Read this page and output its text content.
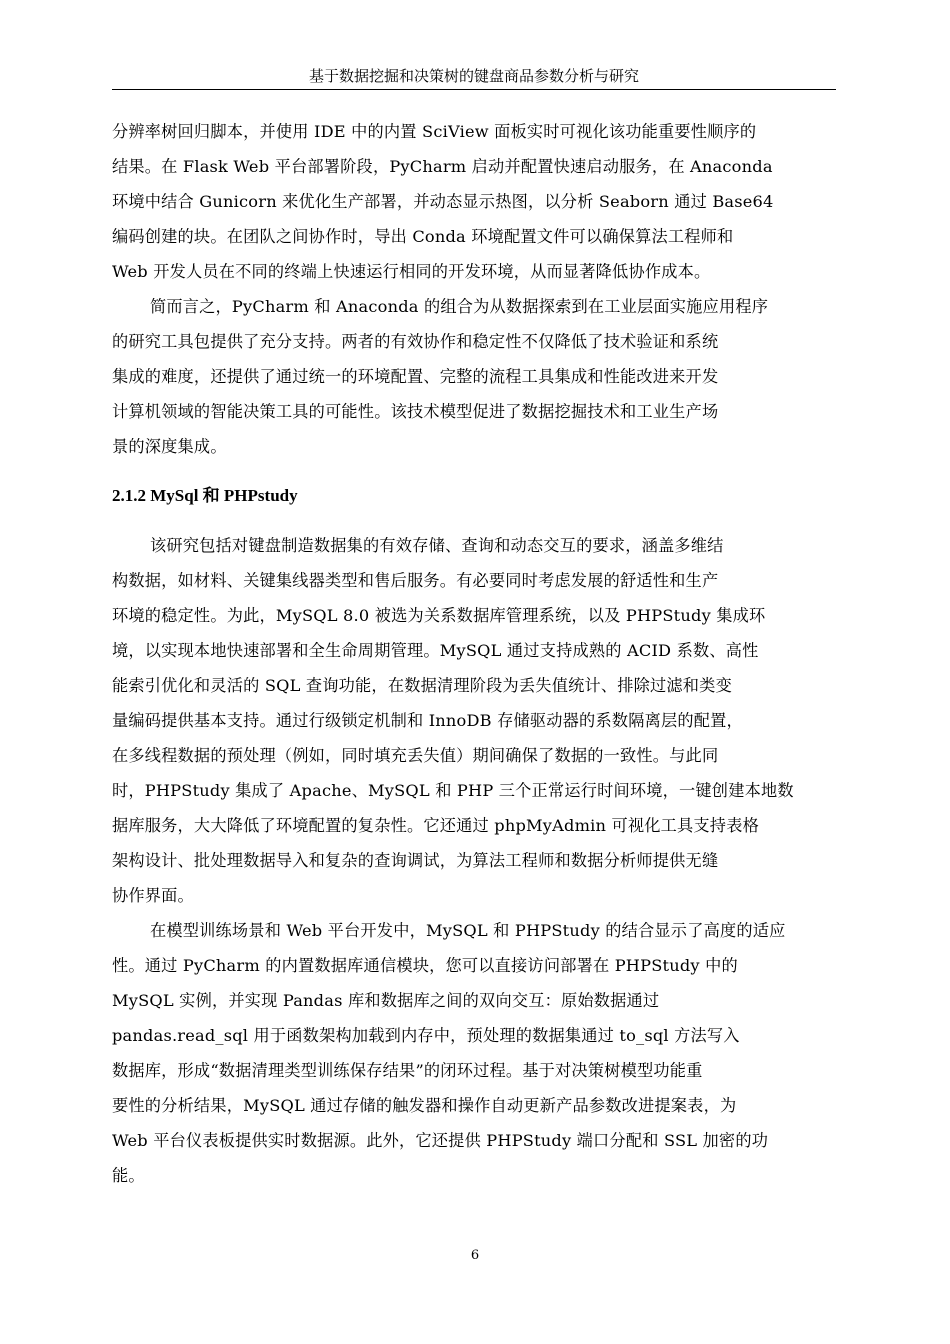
基于数据挖掘和决策树的键盘商品参数分析与研究
分辨率树回归脚本，并使用 IDE 中的内置 SciView 面板实时可视化该功能重要性顺序的
结果。在 Flask Web 平台部署阶段，PyCharm 启动并配置快速启动服务，在 Anaconda
环境中结合 Gunicorn 来优化生产部署，并动态显示热图，以分析 Seaborn 通过 Base64
编码创建的块。在团队之间协作时，导出 Conda 环境配置文件可以确保算法工程师和
Web 开发人员在不同的终端上快速运行相同的开发环境，从而显著降低协作成本。
简而言之，PyCharm 和 Anaconda 的组合为从数据探索到在工业层面实施应用程序
的研究工具包提供了充分支持。两者的有效协作和稳定性不仅降低了技术验证和系统
集成的难度，还提供了通过统一的环境配置、完整的流程工具集成和性能改进来开发
计算机领域的智能决策工具的可能性。该技术模型促进了数据挖掘技术和工业生产场
景的深度集成。
2.1.2 MySql 和 PHPstudy
该研究包括对键盘制造数据集的有效存储、查询和动态交互的要求，涵盖多维结
构数据，如材料、关键集线器类型和售后服务。有必要同时考虑发展的舒适性和生产
环境的稳定性。为此，MySQL 8.0 被选为关系数据库管理系统，以及 PHPStudy 集成环
境，以实现本地快速部署和全生命周期管理。MySQL 通过支持成熟的 ACID 系数、高性
能索引优化和灵活的 SQL 查询功能，在数据清理阶段为丢失值统计、排除过滤和类变
量编码提供基本支持。通过行级锁定机制和 InnoDB 存储驱动器的系数隔离层的配置，
在多线程数据的预处理（例如，同时填充丢失值）期间确保了数据的一致性。与此同
时，PHPStudy 集成了 Apache、MySQL 和 PHP 三个正常运行时间环境，一键创建本地数
据库服务，大大降低了环境配置的复杂性。它还通过 phpMyAdmin 可视化工具支持表格
架构设计、批处理数据导入和复杂的查询调试，为算法工程师和数据分析师提供无缝
协作界面。
在模型训练场景和 Web 平台开发中，MySQL 和 PHPStudy 的结合显示了高度的适应
性。通过 PyCharm 的内置数据库通信模块，您可以直接访问部署在 PHPStudy 中的
MySQL 实例，并实现 Pandas 库和数据库之间的双向交互：原始数据通过
pandas.read_sql 用于函数架构加载到内存中，预处理的数据集通过 to_sql 方法写入
数据库，形成“数据清理类型训练保存结果”的闭环过程。基于对决策树模型功能重
要性的分析结果，MySQL 通过存储的触发器和操作自动更新产品参数改进提案表，为
Web 平台仪表板提供实时数据源。此外，它还提供 PHPStudy 端口分配和 SSL 加密的功
能。
6
